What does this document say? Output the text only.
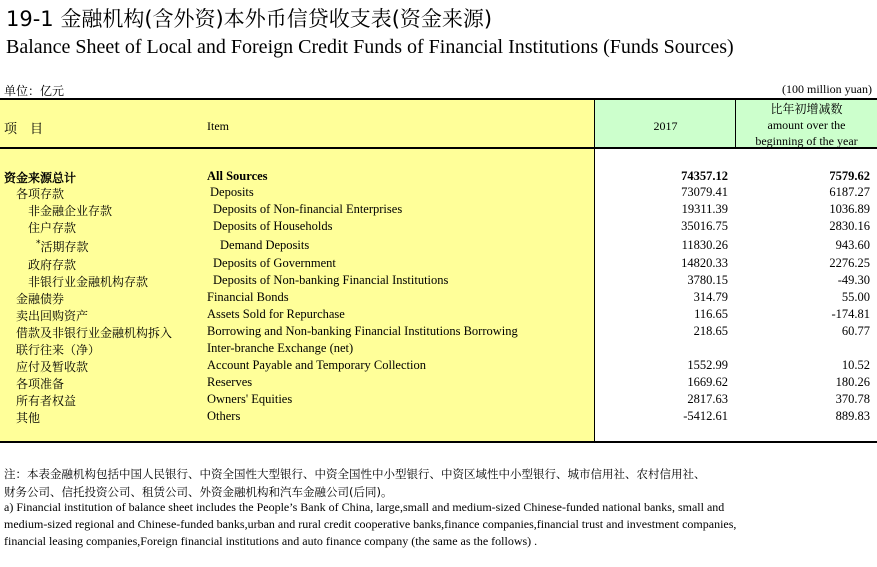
19-1 金融机构(含外资)本外币信贷收支表(资金来源)
Balance Sheet of Local and Foreign Credit Funds of Financial Institutions (Funds Sources)
单位：亿元	(100 million yuan)
项　目	Item	2017
比年初增减数
amount over the
beginning of the year
资金来源总计	All Sources	74357.12	7579.62
各项存款	Deposits	73079.41	6187.27
非金融企业存款	Deposits of Non-financial Enterprises	19311.39	1036.89
住户存款	Deposits of Households	35016.75	2830.16
*活期存款	Demand Deposits	11830.26	943.60
政府存款	Deposits of Government	14820.33	2276.25
非银行业金融机构存款	Deposits of Non-banking Financial Institutions	3780.15	-49.30
金融债券	Financial Bonds	314.79	55.00
卖出回购资产	Assets Sold for Repurchase	116.65	-174.81
借款及非银行业金融机构拆入	Borrowing and Non-banking Financial Institutions Borrowing	218.65	60.77
联行往来（净）	Inter-branche Exchange (net)
应付及暂收款	Account Payable and Temporary Collection	1552.99	10.52
各项准备	Reserves	1669.62	180.26
所有者权益	Owners' Equities	2817.63	370.78
其他	Others	-5412.61	889.83
注：本表金融机构包括中国人民银行、中资全国性大型银行、中资全国性中小型银行、中资区域性中小型银行、城市信用社、农村信用社、
财务公司、信托投资公司、租赁公司、外资金融机构和汽车金融公司(后同)。
a) Financial institution of balance sheet includes the People’s Bank of China, large,small and medium-sized Chinese-funded national banks, small and
medium-sized regional and Chinese-funded banks,urban and rural credit cooperative banks,finance companies,financial trust and investment companies,
financial leasing companies,Foreign financial institutions and auto finance company (the same as the follows) .
